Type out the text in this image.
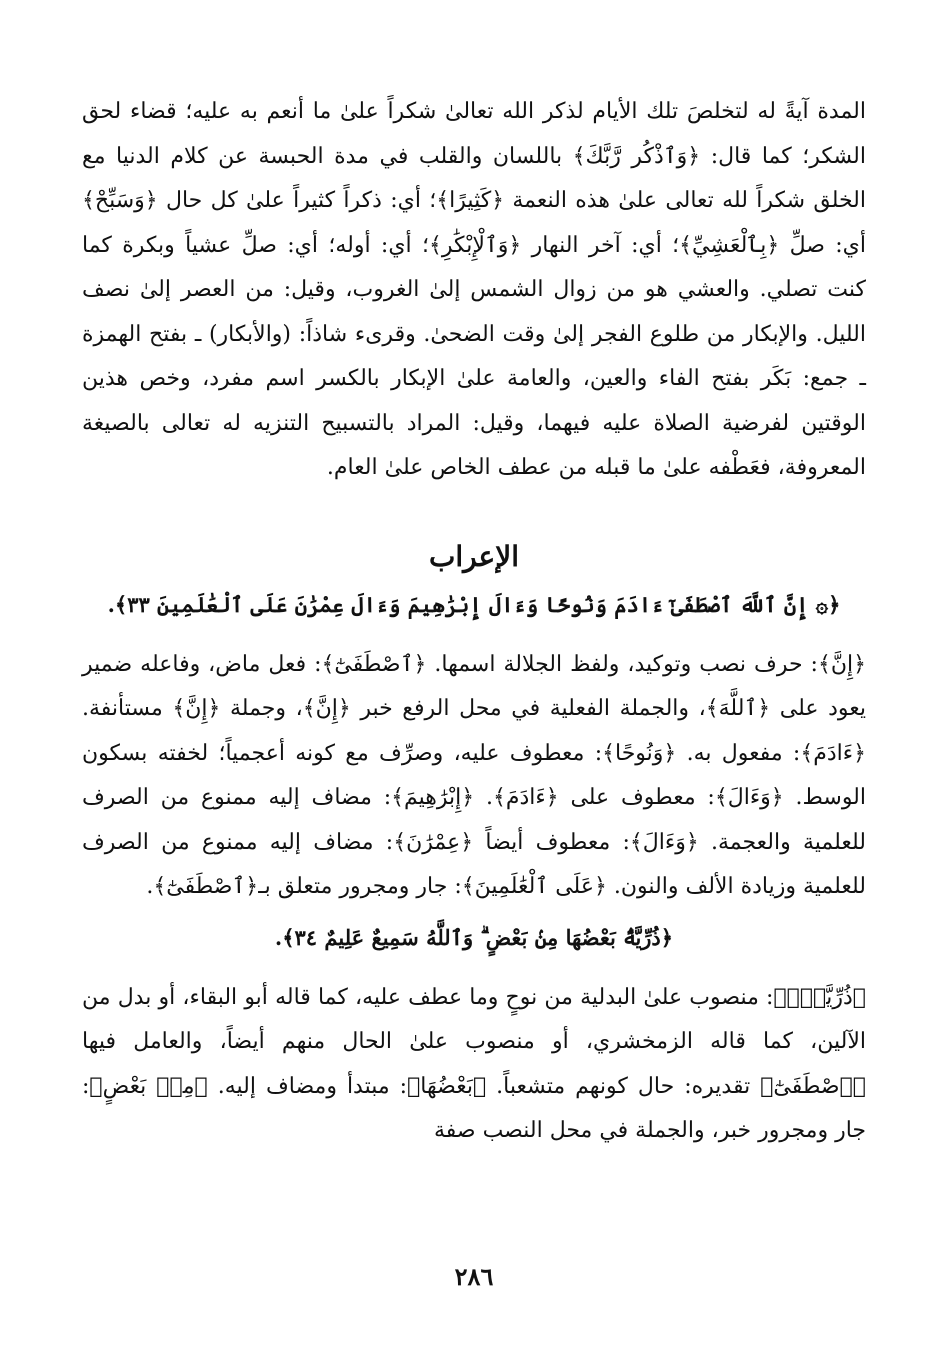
المدة آيةً له لتخلصَ تلك الأيام لذكر الله تعالىٰ شكراً علىٰ ما أنعم به عليه؛ قضاء لحق الشكر؛ كما قال: ﴿وَٱذْكُر رَّبَّكَ﴾ باللسان والقلب في مدة الحبسة عن كلام الدنيا مع الخلق شكراً لله تعالى علىٰ هذه النعمة ﴿كَثِيرًا﴾؛ أي: ذكراً كثيراً علىٰ كل حال ﴿وَسَبِّحْ﴾ أي: صلِّ ﴿بِٱلْعَشِيِّ﴾؛ أي: آخر النهار ﴿وَٱلْإِبْكَٰرِ﴾؛ أي: أوله؛ أي: صلِّ عشياً وبكرة كما كنت تصلي. والعشي هو من زوال الشمس إلىٰ الغروب، وقيل: من العصر إلىٰ نصف الليل. والإبكار من طلوع الفجر إلىٰ وقت الضحىٰ. وقرىء شاذاً: (والأبكار) ـ بفتح الهمزة ـ جمع: بَكَر بفتح الفاء والعين، والعامة علىٰ الإبكار بالكسر اسم مفرد، وخص هذين الوقتين لفرضية الصلاة عليه فيهما، وقيل: المراد بالتسبيح التنزيه له تعالى بالصيغة المعروفة، فعَطْفه علىٰ ما قبله من عطف الخاص علىٰ العام.

الإعراب
﴿۞ إِنَّ ٱللَّهَ ٱصْطَفَىٰٓ ءَادَمَ وَنُوحًا وَءَالَ إِبْرَٰهِيمَ وَءَالَ عِمْرَٰنَ عَلَى ٱلْعَٰلَمِينَ ٣٣﴾.

﴿إِنَّ﴾: حرف نصب وتوكيد، ولفظ الجلالة اسمها. ﴿ٱصْطَفَىٰٓ﴾: فعل ماض، وفاعله ضمير يعود على ﴿ٱللَّهَ﴾، والجملة الفعلية في محل الرفع خبر ﴿إِنَّ﴾، وجملة ﴿إِنَّ﴾ مستأنفة. ﴿ءَادَمَ﴾: مفعول به. ﴿وَنُوحًا﴾: معطوف عليه، وصرِّف مع كونه أعجمياً؛ لخفته بسكون الوسط. ﴿وَءَالَ﴾: معطوف على ﴿ءَادَمَ﴾. ﴿إِبْرَٰهِيمَ﴾: مضاف إليه ممنوع من الصرف للعلمية والعجمة. ﴿وَءَالَ﴾: معطوف أيضاً ﴿عِمْرَٰنَ﴾: مضاف إليه ممنوع من الصرف للعلمية وزيادة الألف والنون. ﴿عَلَى ٱلْعَٰلَمِينَ﴾: جار ومجرور متعلق بـ﴿ٱصْطَفَىٰٓ﴾.

﴿ذُرِّيَّةًۢ بَعْضُهَا مِنۢ بَعْضٍ ۗ وَٱللَّهُ سَمِيعٌ عَلِيمٌ ٣٤﴾.

﴿ذُرِّيَّةًۢ﴾: منصوب علىٰ البدلية من نوحٍ وما عطف عليه، كما قاله أبو البقاء، أو بدل من الآلين، كما قاله الزمخشري، أو منصوب علىٰ الحال منهم أيضاً، والعامل فيها ﴿ٱصْطَفَىٰٓ﴾ تقديره: حال كونهم متشعباً. ﴿بَعْضُهَا﴾: مبتدأ ومضاف إليه. ﴿مِنۢ بَعْضٍ﴾: جار ومجرور خبر، والجملة في محل النصب صفة

٢٨٦
